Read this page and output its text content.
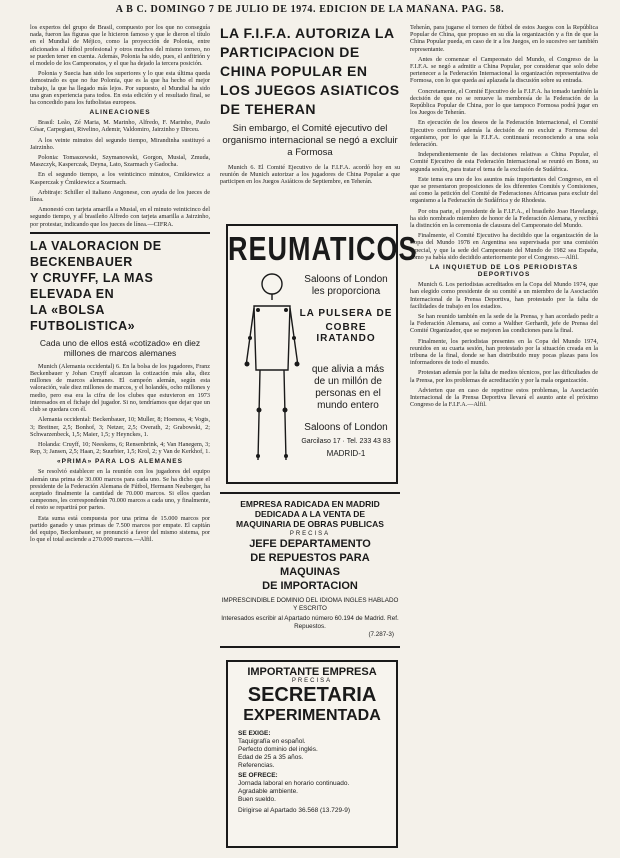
A B C. DOMINGO 7 DE JULIO DE 1974. EDICION DE LA MAÑANA. PAG. 58.

los expertos del grupo de Brasil, compuesto por los que no conseguía nada, fueron las figuras que le hicieron famoso y que le dieron el título en el Mundial de Méjico, como la proyección de Polonia, entre aficionados al fútbol profesional y otros muchos del mismo torneo, no se pueden tener en cuenta. Además, Polonia ha sido, pues, el anfitrión y el modelo de los Campeonatos, y el que ha dejado la tercera posición.

Polonia y Suecia han sido los superiores y lo que esta última queda demostrado es que no fue Polonia, que es la que ha hecho el mejor trabajo, la que ha llegado más lejos. Por supuesto, el Mundial ha sido una gran experiencia para todos. En esta edición y el resultado final, se ha concedido para los futbolistas europeos.

ALINEACIONES

Brasil: Leão, Zé Maria, M. Marinho, Alfredo, F. Marinho, Paulo César, Carpegiani, Rivelino, Ademir, Valdomiro, Jairzinho y Dirceu.

A los veinte minutos del segundo tiempo, Mirandinha sustituyó a Jairzinho.

Polonia: Tomaszewski, Szymanowski, Gorgon, Musial, Zmuda, Maszczyk, Kasperczak, Deyna, Lato, Szarmach y Gadocha.

En el segundo tiempo, a los veinticinco minutos, Cmikiewicz a Kasperczak y Ćmikiewicz a Szarmach.

Arbitraje: Schiller el italiano Angonese, con ayuda de los jueces de línea.

Amonestó con tarjeta amarilla a Musial, en el minuto veinticinco del segundo tiempo, y al brasileño Alfredo con tarjeta amarilla a Jairzinho, por protestar, indicando que los jueces de línea.—CIFRA.

LA VALORACION DE BECKENBAUER
Y CRUYFF, LA MAS ELEVADA EN
LA «BOLSA FUTBOLISTICA»
Cada uno de ellos está «cotizado» en diez millones de marcos alemanes

Munich (Alemania occidental) 6. En la bolsa de los jugadores, Franz Beckenbauer y Johan Cruyff alcanzan la cotización más alta, diez millones de marcos alemanes. El campeón alemán, según esta valoración, vale diez millones de marcos, y el holandés, ocho millones y medio, pero esa era la cifra de los clubes que estuvieron en 1973 interesados en el fichaje del jugador. Si no, tendríamos que dejar que un club se quedara con él.

Alemania occidental: Beckenbauer, 10; Muller, 8; Hoeness, 4; Vogts, 3; Breitner, 2,5; Bonhof, 3; Netzer, 2,5; Overath, 2; Grabowski, 2; Schwarzenbeck, 1,5; Maier, 1,5; y Heynckes, 1.

Holanda: Cruyff, 10; Neeskens, 6; Rensenbrink, 4; Van Hanegem, 3; Rep, 3; Jansen, 2,5; Haan, 2; Suurbier, 1,5; Krol, 2; y Van de Kerkhof, 1.

«PRIMA» PARA LOS ALEMANES

Se resolvió establecer en la reunión con los jugadores del equipo alemán una prima de 30.000 marcos para cada uno. Se ha dicho que el presidente de la Federación Alemana de Fútbol, Hermann Neuberger, ha aceptado finalmente la cantidad de 70.000 marcos. Si ellos quedan campeones, les corresponderán 70.000 marcos a cada uno, y finalmente, el resto se repartirá por partes.

Esta suma está compuesta por una prima de 15.000 marcos por partido ganado y unas primas de 7.500 marcos por empate. El capitán del equipo, Beckenbauer, se pronunció a favor del mismo sistema, por lo que el total asciende a 270.000 marcos.—Alfil.

LA F.I.F.A. AUTORIZA LA PARTICIPACION DE CHINA POPULAR EN LOS JUEGOS ASIATICOS DE TEHERAN
Sin embargo, el Comité ejecutivo del organismo internacional se negó a excluir a Formosa

Munich 6. El Comité Ejecutivo de la F.I.F.A. acordó hoy en su reunión de Munich autorizar a los jugadores de China Popular a que participen en los Juegos Asiáticos de Septiembre, en Teherán.

REUMATICOS
Saloons of London
les proporciona
LA PULSERA DE
COBRE IRATANDO
que alivia a más
de un millón de
personas en el
mundo entero
Saloons of London
Garcilaso 17 · Tel. 233 43 83
MADRID-1
EMPRESA RADICADA EN MADRID
DEDICADA A LA VENTA DE
MAQUINARIA DE OBRAS PUBLICAS
PRECISA
JEFE DEPARTAMENTO
DE REPUESTOS PARA MAQUINAS
DE IMPORTACION
IMPRESCINDIBLE DOMINIO DEL IDIOMA INGLES HABLADO Y ESCRITO
Interesados escribir al Apartado número 60.194 de Madrid. Ref. Repuestos.
(7.287-3)
IMPORTANTE EMPRESA
PRECISA
SECRETARIA
EXPERIMENTADA
SE EXIGE:
Taquigrafía en español.
Perfecto dominio del inglés.
Edad de 25 a 35 años.
Referencias.
SE OFRECE:
Jornada laboral en horario continuado.
Agradable ambiente.
Buen sueldo.
Dirigirse al Apartado 36.568 (13.729-9)

Teherán, para jugarse el torneo de fútbol de estos Juegos con la República Popular de China, que propuso en su día la organización y a fin de que la China Popular pueda, en caso de ir a los Juegos, en lo sucesivo ser también representante.

Antes de comenzar el Campeonato del Mundo, el Congreso de la F.I.F.A. se negó a admitir a China Popular, por considerar que solo debe pertenecer a la Federación Internacional la organización representativa de Formosa, con lo que queda así aplazada la discusión sobre su entrada.

Concretamente, el Comité Ejecutivo de la F.I.F.A. ha tomado también la decisión de que no se renueve la membresía de la Federación de la República Popular de China, por lo que tampoco Formosa podrá jugar en los Juegos de Teherán.

En ejecución de los deseos de la Federación Internacional, el Comité Ejecutivo confirmó además la decisión de no excluir a Formosa del organismo, por lo que la F.I.F.A. continuará reconociendo a una sola federación.

Independientemente de las decisiones relativas a China Popular, el Comité Ejecutivo de esta Federación Internacional se reunió en Bonn, su segunda sesión, para tratar el tema de la exclusión de Sudáfrica.

Este tema era uno de los asuntos más importantes del Congreso, en el que se presentaron proposiciones de los diferentes Comités y Comisiones, así como la petición del Comité de Federaciones Africanas para excluir del organismo a la Federación de Sudáfrica y de Rhodesia.

Por otra parte, el presidente de la F.I.F.A., el brasileño Joao Havelange, ha sido nombrado miembro de honor de la Federación Alemana, y recibirá la distinción en la ceremonia de clausura del Campeonato del Mundo.

Finalmente, el Comité Ejecutivo ha decidido que la organización de la Copa del Mundo 1978 en Argentina sea supervisada por una comisión especial, y que la sede del Campeonato del Mundo de 1982 sea España, como ya había sido decidido anteriormente por el Congreso.—Alfil.

LA INQUIETUD DE LOS PERIODISTAS DEPORTIVOS

Munich 6. Los periodistas acreditados en la Copa del Mundo 1974, que han elegido como presidente de su comité a un miembro de la Asociación Internacional de la Prensa Deportiva, han protestado por la falta de facilidades de trabajo en los estadios.

Se han reunido también en la sede de la Prensa, y han acordado pedir a la Federación Alemana, así como a Walther Gerhardt, jefe de Prensa del Comité Organizador, que se mejoren las condiciones para la final.

Finalmente, los periodistas presentes en la Copa del Mundo 1974, reunidos en su cuarta sesión, han protestado por la situación creada en la tribuna de la final, donde se han distribuido muy pocas plazas para los informadores de todo el mundo.

Protestan además por la falta de medios técnicos, por las dificultades de la Prensa, por los problemas de acreditación y por la mala organización.

Advierten que en caso de repetirse estos problemas, la Asociación Internacional de la Prensa Deportiva llevará el asunto ante el próximo Congreso de la F.I.F.A.—Alfil.
